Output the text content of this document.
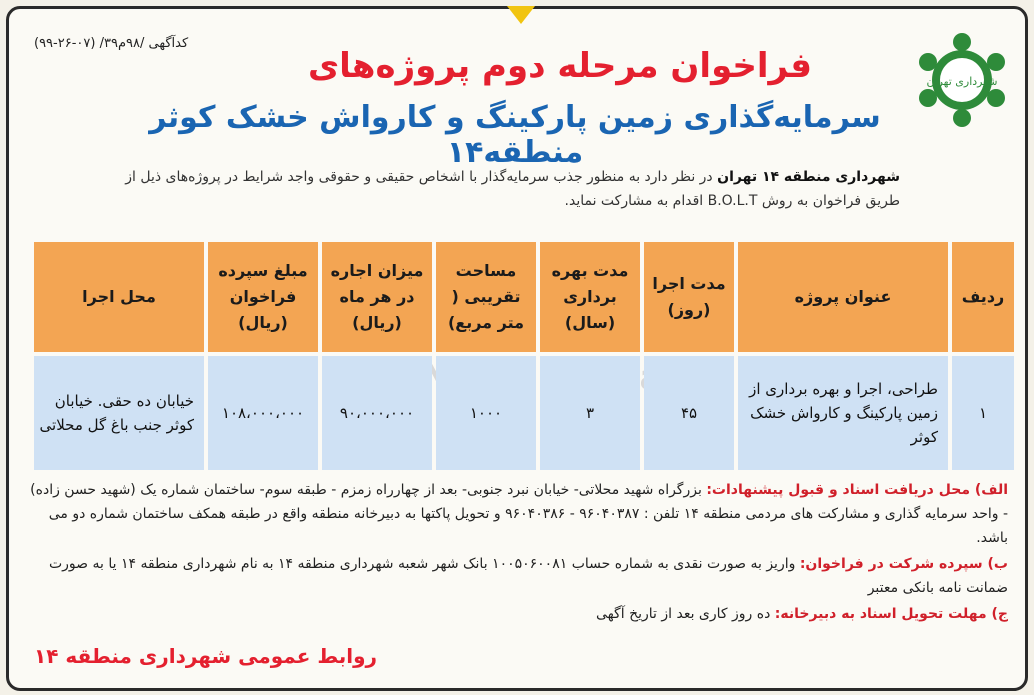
کدآگهی /۹۸م۳۹/ (۰۷-۲۶-۹۹)
شهرداری تهران
فراخوان مرحله دوم پروژه‌های
سرمایه‌گذاری زمین پارکینگ و کارواش خشک کوثر منطقه۱۴
شهرداری منطقه ۱۴ تهران در نظر دارد به منظور جذب سرمایه‌گذار با اشخاص حقیقی و حقوقی واجد شرایط در پروژه‌های ذیل از طریق فراخوان به روش B.O.L.T اقدام به مشارکت نماید.
ردیف	عنوان پروژه	مدت اجرا (روز)	مدت بهره برداری (سال)	مساحت تقریبی ( متر مربع)	میزان اجاره در هر ماه (ریال)	مبلغ سپرده فراخوان (ریال)	محل اجرا
۱	طراحی، اجرا و بهره برداری از زمین پارکینگ و کارواش خشک کوثر	۴۵	۳	۱۰۰۰	۹۰،۰۰۰،۰۰۰	۱۰۸،۰۰۰،۰۰۰	خیابان ده حقی. خیابان کوثر جنب باغ گل محلاتی

الف) محل دریافت اسناد و قبول پیشنهادات: بزرگراه شهید محلاتی- خیابان نبرد جنوبی- بعد از چهارراه زمزم - طبقه سوم- ساختمان شماره یک (شهید حسن زاده) - واحد سرمایه گذاری و مشارکت های مردمی منطقه ۱۴ تلفن : ۹۶۰۴۰۳۸۷ - ۹۶۰۴۰۳۸۶ و تحویل پاکتها به دبیرخانه منطقه واقع در طبقه همکف ساختمان شماره دو می باشد.

ب) سپرده شرکت در فراخوان: واریز به صورت نقدی به شماره حساب ۱۰۰۵۰۶۰۰۸۱ بانک شهر شعبه شهرداری منطقه ۱۴ به نام شهرداری منطقه ۱۴ یا به صورت ضمانت نامه بانکی معتبر

ج) مهلت تحویل اسناد به دبیرخانه: ده روز کاری بعد از تاریخ آگهی

روابط عمومی شهرداری منطقه ۱۴
